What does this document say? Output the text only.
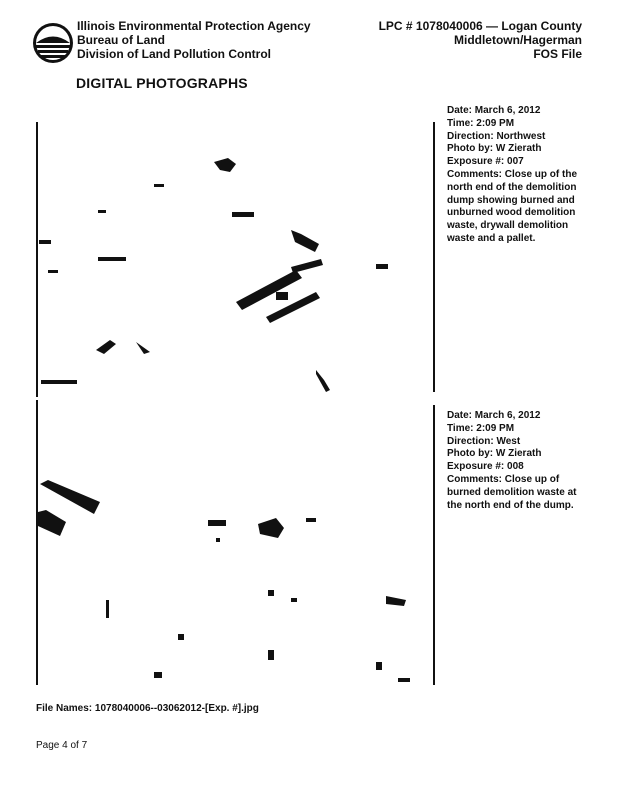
Illinois Environmental Protection Agency
Bureau of Land
Division of Land Pollution Control
LPC # 1078040006 — Logan County
Middletown/Hagerman
FOS File
DIGITAL PHOTOGRAPHS
Date: March 6, 2012
Time: 2:09 PM
Direction: Northwest
Photo by: W Zierath
Exposure #: 007
Comments: Close up of the north end of the demolition dump showing burned and unburned wood demolition waste, drywall demolition waste and a pallet.
Date: March 6, 2012
Time: 2:09 PM
Direction: West
Photo by: W Zierath
Exposure #: 008
Comments: Close up of burned demolition waste at the north end of the dump.
File Names: 1078040006--03062012-[Exp. #].jpg
Page 4 of 7
